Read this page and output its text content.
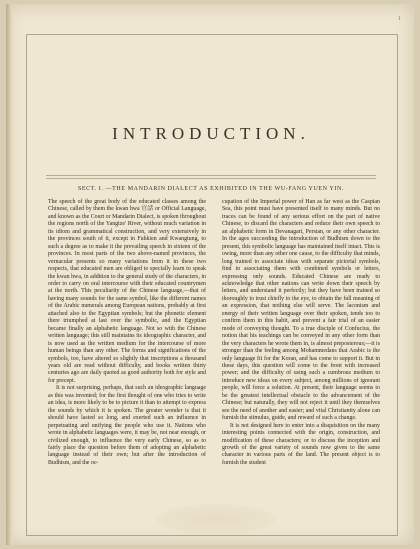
1
INTRODUCTION.
SECT. I. —THE MANDARIN DIALECT AS EXHIBITED IN THE WU-FANG YUEN YIN.

The speech of the great body of the educated classes among the Chinese, called by them the kwan hwa 官話 or Official Language, and known as the Court or Mandarin Dialect, is spoken throughout the regions north of the Yangtze' River, without much variation in its idiom and grammatical construction, and very extensively in the provinces south of it, except in Fuhkien and Kwangtung, to such a degree as to make it the prevailing speech in sixteen of the provinces. In most parts of the two above-named provinces, the vernacular presents so many variations from it in these two respects, that educated men are obliged to specially learn to speak the kwan hwa, in addition to the general study of the characters, in order to carry on oral intercourse with their educated countrymen at the north. This peculiarity of the Chinese language,—that of having many sounds for the same symbol, like the different names of the Arabic numerals among European nations, probably at first attached also to the Egyptian symbols; but the phonetic element there triumphed at last over the symbolic, and the Egyptian became finally an alphabetic language. Not so with the Chinese written language; this still maintains its ideographic character, and is now used as the written medium for the intercourse of more human beings than any other. The forms and significations of the symbols, too, have altered so slightly that inscriptions a thousand years old are read without difficulty, and books written thirty centuries ago are daily quoted as good authority both for style and for precept.

It is not surprising, perhaps, that such an ideographic language as this was invented; for the first thought of one who tries to write an idea, is more likely to be to picture it than to attempt to express the sounds by which it is spoken. The greater wonder is that it should have lasted so long, and exerted such an influence in perpetuating and unifying the people who use it. Nations who wrote in alphabetic languages were, it may be, not near enough, or civilized enough, to influence the very early Chinese, so as to fairly place the question before them of adopting an alphabetic language instead of their own; but after the introduction of Budhism, and the oc-

cupation of the Imperial power of Han as far west as the Caspian Sea, this point must have presented itself to many minds. But no traces can be found of any serious effort on the part of native Chinese, to discard the characters and reduce their own speech to an alphabetic form in Devanagari, Persian, or any other character. In the ages succeeding the introduction of Budhism down to the present, this symbolic language has maintained itself intact. This is owing, more than any other one cause, to the difficulty that minds, long trained to associate ideas with separate pictorial symbols, find in associating them with combined symbols or letters, expressing only sounds. Educated Chinese are ready to acknowledge that other nations can write down their speech by letters, and understand it perfectly; but they have been trained so thoroughly to trust chiefly to the eye, to obtain the full meaning of an expression, that nothing else will serve. The laconism and energy of their written language over their spoken, tends too to confirm them in this habit, and prevent a fair trial of an easier mode of conveying thought. To a true disciple of Confucius, the notion that his teachings can be conveyed in any other form than the very characters he wrote them in, is almost preposterous;—it is stronger than the feeling among Mohammedans that Arabic is the only language fit for the Koran, and has come to support it. But in these days, this question will come to the front with increased power; and the difficulty of using such a cumbrous medium to introduce new ideas on every subject, among millions of ignorant people, will force a solution. At present, their language seems to be the greatest intellectual obstacle to the advancement of the Chinese; but naturally, they will not reject it until they themselves see the need of another and easier; and vital Christianity alone can furnish the stimulus, guide, and reward of such a change.

It is not designed here to enter into a disquisition on the many interesting points connected with the origin, construction, and modification of these characters; or to discuss the inception and growth of the great variety of sounds now given to the same character in various parts of the land. The present object is to furnish the student
